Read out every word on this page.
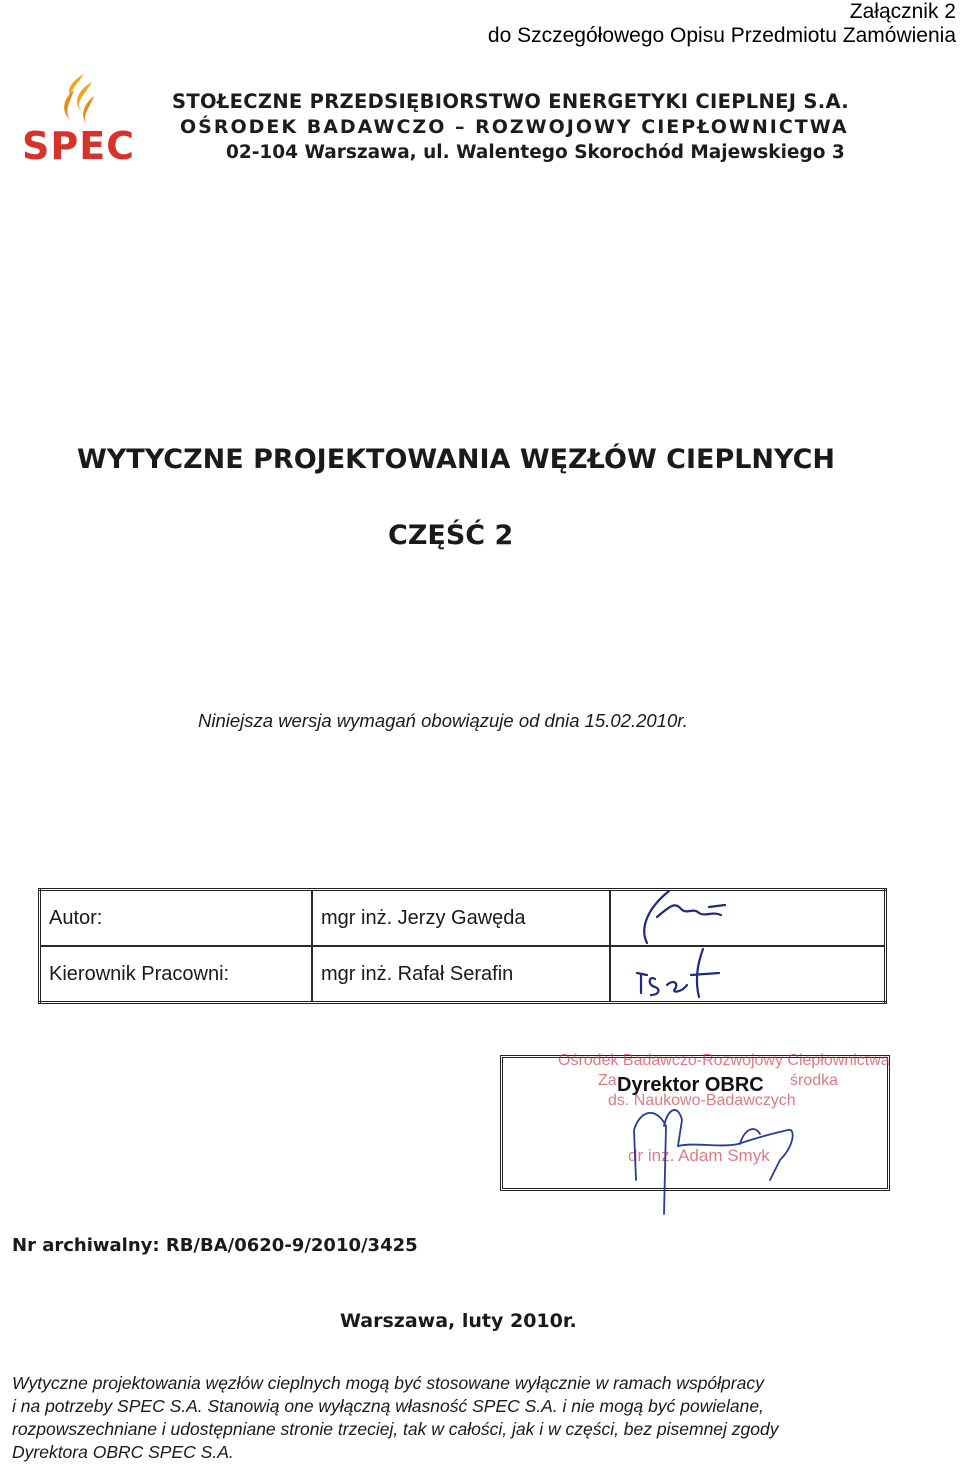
Załącznik 2
do Szczegółowego Opisu Przedmiotu Zamówienia
SPEC
STOŁECZNE PRZEDSIĘBIORSTWO ENERGETYKI CIEPLNEJ S.A.
OŚRODEK BADAWCZO – ROZWOJOWY CIEPŁOWNICTWA
02-104 Warszawa, ul. Walentego Skorochód Majewskiego 3
WYTYCZNE PROJEKTOWANIA WĘZŁÓW CIEPLNYCH
CZĘŚĆ 2
Niniejsza wersja wymagań obowiązuje od dnia 15.02.2010r.
Autor:	mgr inż. Jerzy Gawęda	

Kierownik Pracowni:	mgr inż. Rafał Serafin	
Dyrektor OBRC
Ośrodek Badawczo-Rozwojowy Ciepłownictwa
Za	środka
ds. Naukowo-Badawczych
dr inż. Adam Smyk
Nr archiwalny: RB/BA/0620-9/2010/3425
Warszawa, luty 2010r.
Wytyczne projektowania węzłów cieplnych mogą być stosowane wyłącznie w ramach współpracy
i na potrzeby SPEC S.A. Stanowią one wyłączną własność SPEC S.A. i nie mogą być powielane,
rozpowszechniane i udostępniane stronie trzeciej, tak w całości, jak i w części, bez pisemnej zgody
Dyrektora OBRC SPEC S.A.
